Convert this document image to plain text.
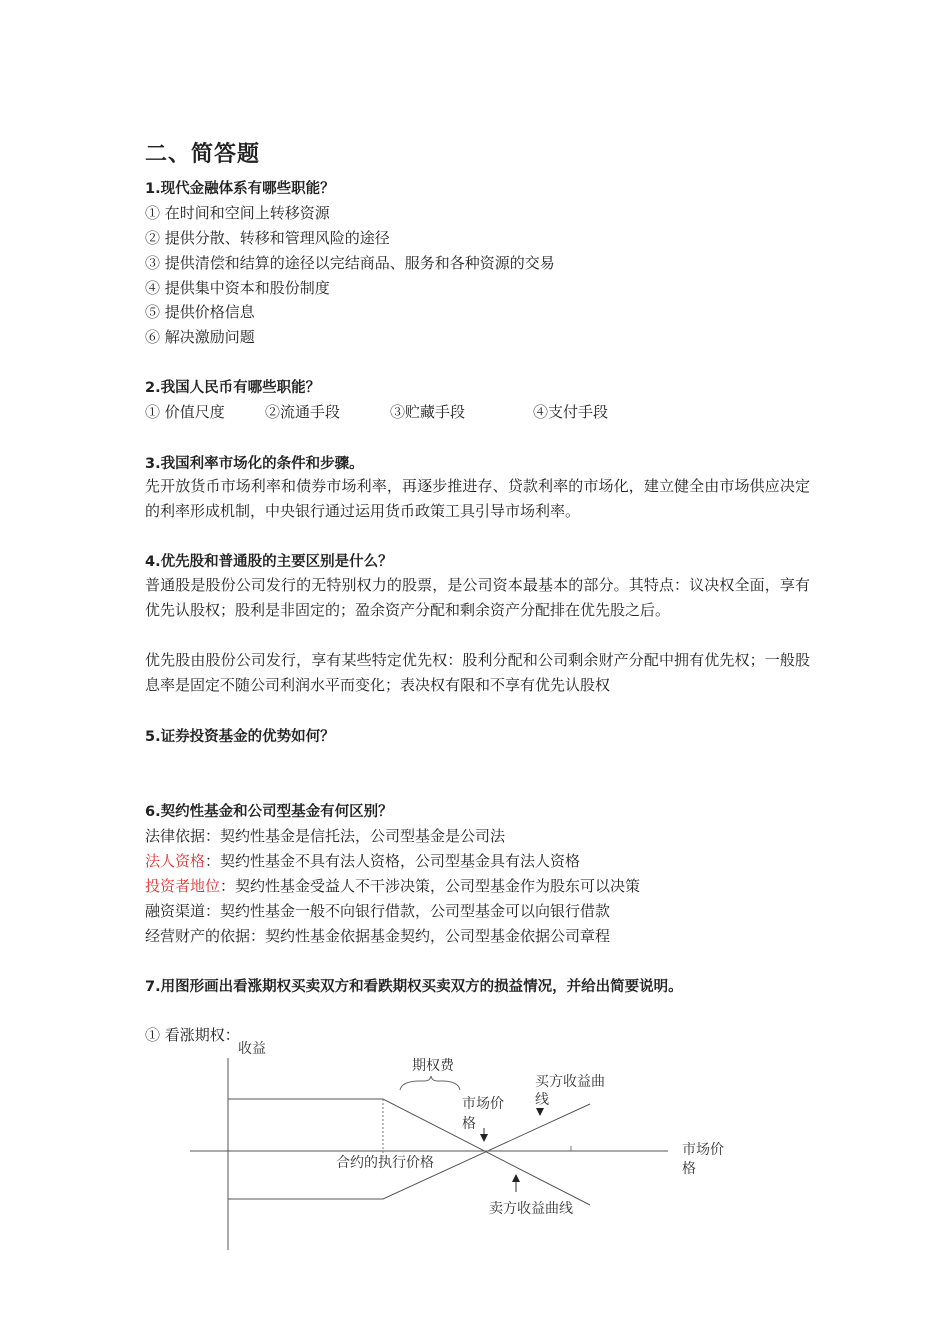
二、简答题
1.现代金融体系有哪些职能？
① 在时间和空间上转移资源
② 提供分散、转移和管理风险的途径
③ 提供清偿和结算的途径以完结商品、服务和各种资源的交易
④ 提供集中资本和股份制度
⑤ 提供价格信息
⑥ 解决激励问题
2.我国人民币有哪些职能？
① 价值尺度	②流通手段	③贮藏手段	④支付手段
3.我国利率市场化的条件和步骤。
先开放货币市场利率和债券市场利率，再逐步推进存、贷款利率的市场化，建立健全由市场供应决定的利率形成机制，中央银行通过运用货币政策工具引导市场利率。
4.优先股和普通股的主要区别是什么？
普通股是股份公司发行的无特别权力的股票，是公司资本最基本的部分。其特点：议决权全面，享有优先认股权；股利是非固定的；盈余资产分配和剩余资产分配排在优先股之后。
优先股由股份公司发行，享有某些特定优先权：股利分配和公司剩余财产分配中拥有优先权；一般股息率是固定不随公司利润水平而变化；表决权有限和不享有优先认股权
5.证券投资基金的优势如何？
6.契约性基金和公司型基金有何区别？
法律依据：契约性基金是信托法，公司型基金是公司法
法人资格：契约性基金不具有法人资格，公司型基金具有法人资格
投资者地位：契约性基金受益人不干涉决策，公司型基金作为股东可以决策
融资渠道：契约性基金一般不向银行借款，公司型基金可以向银行借款
经营财产的依据：契约性基金依据基金契约，公司型基金依据公司章程
7.用图形画出看涨期权买卖双方和看跌期权买卖双方的损益情况，并给出简要说明。
① 看涨期权：
收益
期权费
市场价
格
买方收益曲
线
合约的执行价格
市场价
格
卖方收益曲线
